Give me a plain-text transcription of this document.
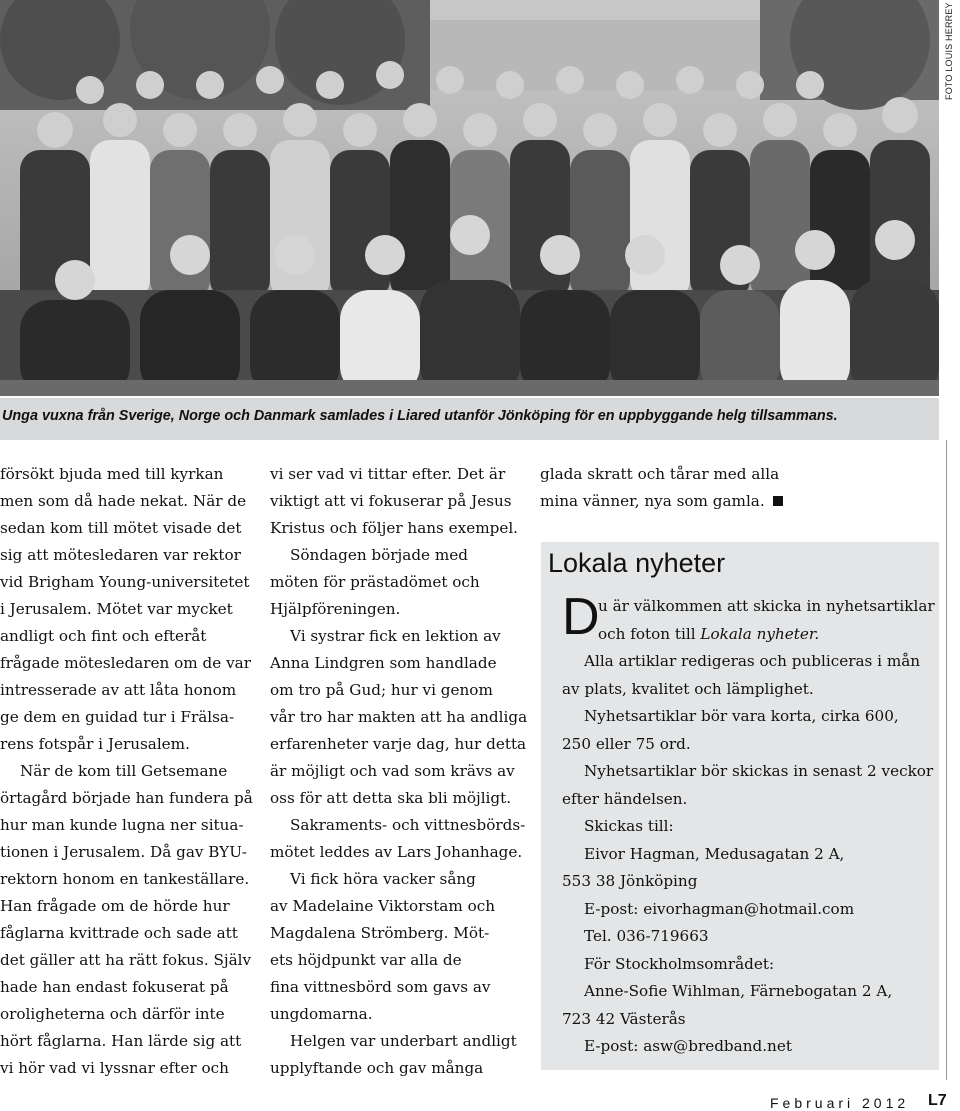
FOTO LOUIS HERREY
Unga vuxna från Sverige, Norge och Danmark samlades i Liared utanför Jönköping för en uppbyggande helg tillsammans.
försökt bjuda med till kyrkan
men som då hade nekat. När de
sedan kom till mötet visade det
sig att mötesledaren var rektor
vid Brigham Young-universitetet
i Jerusalem. Mötet var mycket
andligt och fint och efteråt
frågade mötesledaren om de var
intresserade av att låta honom
ge dem en guidad tur i Frälsa-
rens fotspår i Jerusalem.
När de kom till Getsemane
örtagård började han fundera på
hur man kunde lugna ner situa-
tionen i Jerusalem. Då gav BYU-
rektorn honom en tankeställare.
Han frågade om de hörde hur
fåglarna kvittrade och sade att
det gäller att ha rätt fokus. Själv
hade han endast fokuserat på
oroligheterna och därför inte
hört fåglarna. Han lärde sig att
vi hör vad vi lyssnar efter och
vi ser vad vi tittar efter. Det är
viktigt att vi fokuserar på Jesus
Kristus och följer hans exempel.
Söndagen började med
möten för prästadömet och
Hjälpföreningen.
Vi systrar fick en lektion av
Anna Lindgren som handlade
om tro på Gud; hur vi genom
vår tro har makten att ha andliga
erfarenheter varje dag, hur detta
är möjligt och vad som krävs av
oss för att detta ska bli möjligt.
Sakraments- och vittnesbörds-
mötet leddes av Lars Johanhage.
Vi fick höra vacker sång
av Madelaine Viktorstam och
Magdalena Strömberg. Möt-
ets höjdpunkt var alla de
fina vittnesbörd som gavs av
ungdomarna.
Helgen var underbart andligt
upplyftande och gav många
glada skratt och tårar med alla
mina vänner, nya som gamla.
Lokala nyheter
D
u är välkommen att skicka in nyhetsartiklar
och foton till Lokala nyheter.
Alla artiklar redigeras och publiceras i mån
av plats, kvalitet och lämplighet.
Nyhetsartiklar bör vara korta, cirka 600,
250 eller 75 ord.
Nyhetsartiklar bör skickas in senast 2 veckor
efter händelsen.
Skickas till:
Eivor Hagman, Medusagatan 2 A,
553 38 Jönköping
E-post: eivorhagman@hotmail.com
Tel. 036-719663
För Stockholmsområdet:
Anne-Sofie Wihlman, Färnebogatan 2 A,
723 42 Västerås
E-post: asw@bredband.net
Februari 2012 L7
